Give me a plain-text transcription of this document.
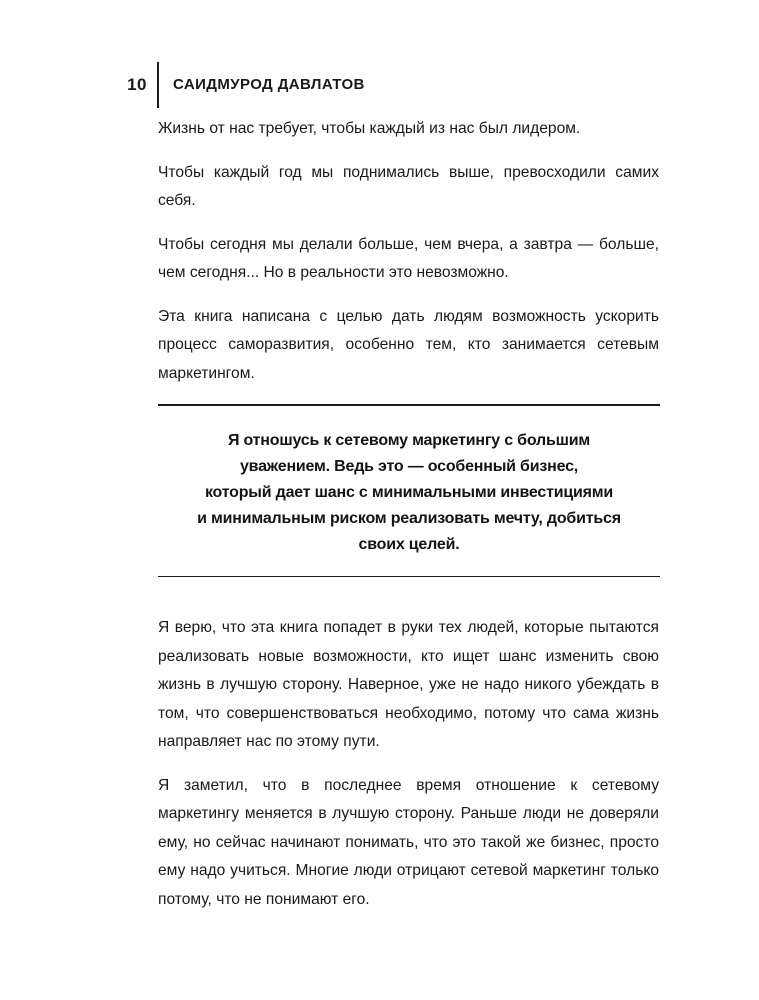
10 САИДМУРОД ДАВЛАТОВ

Жизнь от нас требует, чтобы каждый из нас был лидером.

Чтобы каждый год мы поднимались выше, превосходили самих себя.

Чтобы сегодня мы делали больше, чем вчера, а завтра — больше, чем сегодня... Но в реальности это невозможно.

Эта книга написана с целью дать людям возможность ускорить процесс саморазвития, особенно тем, кто занимается сетевым маркетингом.

Я отношусь к сетевому маркетингу с большим
уважением. Ведь это — особенный бизнес,
который дает шанс с минимальными инвестициями
и минимальным риском реализовать мечту, добиться
своих целей.

Я верю, что эта книга попадет в руки тех людей, которые пытаются реализовать новые возможности, кто ищет шанс изменить свою жизнь в лучшую сторону. Наверное, уже не надо никого убеждать в том, что совершенствоваться необходимо, потому что сама жизнь направляет нас по этому пути.

Я заметил, что в последнее время отношение к сетевому маркетингу меняется в лучшую сторону. Раньше люди не доверяли ему, но сейчас начинают понимать, что это такой же бизнес, просто ему надо учиться. Многие люди отрицают сетевой маркетинг только потому, что не понимают его.
